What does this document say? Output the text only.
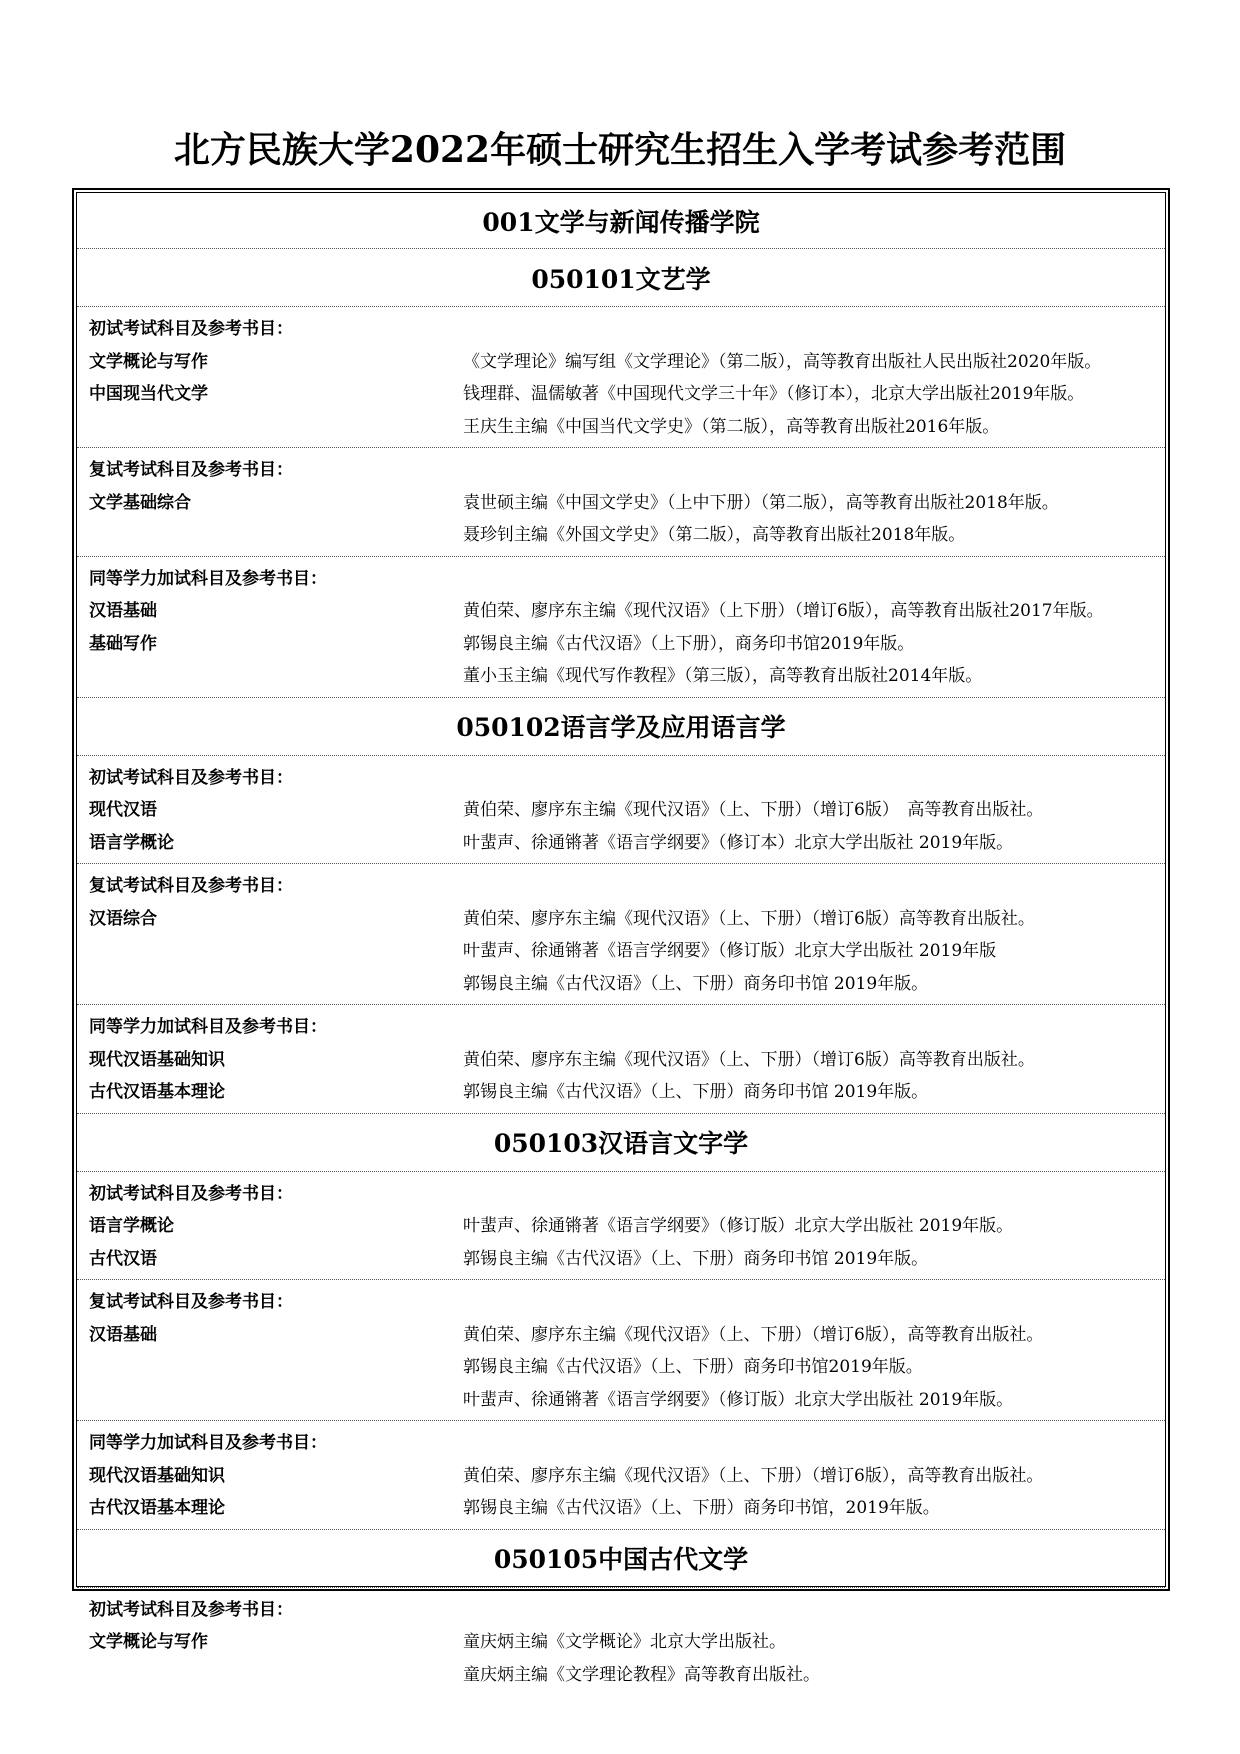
北方民族大学2022年硕士研究生招生入学考试参考范围
001文学与新闻传播学院
050101文艺学
初试考试科目及参考书目：
文学概论与写作	《文学理论》编写组《文学理论》（第二版），高等教育出版社人民出版社2020年版。
中国现当代文学	钱理群、温儒敏著《中国现代文学三十年》（修订本），北京大学出版社2019年版。
王庆生主编《中国当代文学史》（第二版），高等教育出版社2016年版。
复试考试科目及参考书目：
文学基础综合	袁世硕主编《中国文学史》（上中下册）（第二版），高等教育出版社2018年版。
聂珍钊主编《外国文学史》（第二版），高等教育出版社2018年版。
同等学力加试科目及参考书目：
汉语基础	黄伯荣、廖序东主编《现代汉语》（上下册）（增订6版），高等教育出版社2017年版。
基础写作	郭锡良主编《古代汉语》（上下册），商务印书馆2019年版。
董小玉主编《现代写作教程》（第三版），高等教育出版社2014年版。
050102语言学及应用语言学
初试考试科目及参考书目：
现代汉语	黄伯荣、廖序东主编《现代汉语》（上、下册）（增订6版）　高等教育出版社。
语言学概论	叶蜚声、徐通锵著《语言学纲要》（修订本）北京大学出版社 2019年版。
复试考试科目及参考书目：
汉语综合	黄伯荣、廖序东主编《现代汉语》（上、下册）（增订6版）高等教育出版社。
叶蜚声、徐通锵著《语言学纲要》（修订版）北京大学出版社 2019年版
郭锡良主编《古代汉语》（上、下册）商务印书馆 2019年版。
同等学力加试科目及参考书目：
现代汉语基础知识	黄伯荣、廖序东主编《现代汉语》（上、下册）（增订6版）高等教育出版社。
古代汉语基本理论	郭锡良主编《古代汉语》（上、下册）商务印书馆 2019年版。
050103汉语言文字学
初试考试科目及参考书目：
语言学概论	叶蜚声、徐通锵著《语言学纲要》（修订版）北京大学出版社 2019年版。
古代汉语	郭锡良主编《古代汉语》（上、下册）商务印书馆 2019年版。
复试考试科目及参考书目：
汉语基础	黄伯荣、廖序东主编《现代汉语》（上、下册）（增订6版），高等教育出版社。
郭锡良主编《古代汉语》（上、下册）商务印书馆2019年版。
叶蜚声、徐通锵著《语言学纲要》（修订版）北京大学出版社 2019年版。
同等学力加试科目及参考书目：
现代汉语基础知识	黄伯荣、廖序东主编《现代汉语》（上、下册）（增订6版），高等教育出版社。
古代汉语基本理论	郭锡良主编《古代汉语》（上、下册）商务印书馆，2019年版。
050105中国古代文学
初试考试科目及参考书目：
文学概论与写作	童庆炳主编《文学概论》北京大学出版社。
童庆炳主编《文学理论教程》高等教育出版社。
